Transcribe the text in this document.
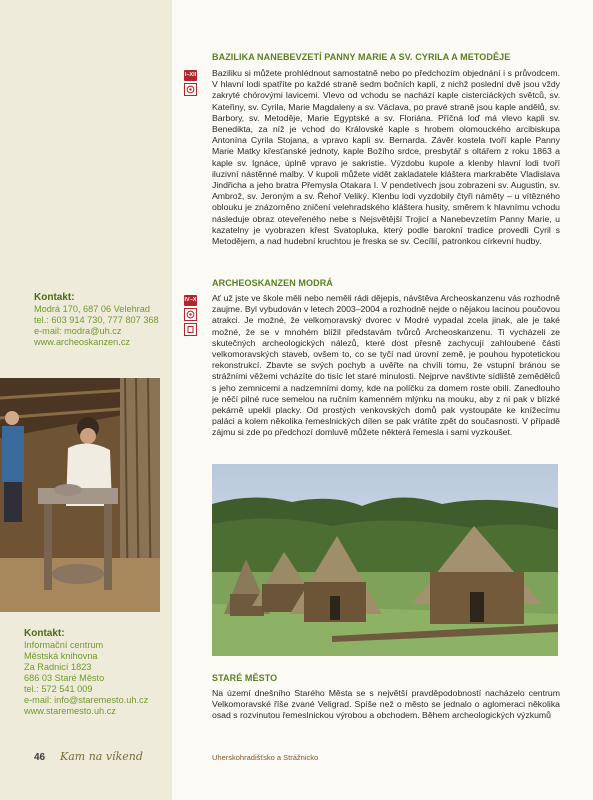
BAZILIKA NANEBEVZETÍ PANNY MARIE A SV. CYRILA A METODĚJE
I–XII Baziliku si můžete prohlédnout samostatně nebo po předchozím objednání i s průvodcem. V hlavní lodi spatříte po každé straně sedm bočních kaplí, z nichž poslední dvě jsou vždy zakryté chórovými lavicemi. Vlevo od vchodu se nachází kaple cisterciáckých světců, sv. Kateřiny, sv. Cyrila, Marie Magdaleny a sv. Václava, po pravé straně jsou kaple andělů, sv. Barbory, sv. Metoděje, Marie Egyptské a sv. Floriána. Příčná loď má vlevo kapli sv. Benedikta, za níž je vchod do Královské kaple s hrobem olomouckého arcibiskupa Antonína Cyrila Stojana, a vpravo kapli sv. Bernarda. Závěr kostela tvoří kaple Panny Marie Matky křesťanské jednoty, kaple Božího srdce, presbytář s oltářem z roku 1863 a kaple sv. Ignáce, úplně vpravo je sakristie. Výzdobu kupole a klenby hlavní lodi tvoří iluzivní nástěnné malby. V kupoli můžete vidět zakladatele kláštera markraběte Vladislava Jindřicha a jeho bratra Přemysla Otakara I. V pendetivech jsou zobrazeni sv. Augustin, sv. Ambrož, sv. Jeroným a sv. Řehoř Veliký. Klenbu lodi vyzdobily čtyři náměty – u vítězného oblouku je znázorněno zničení velehradského kláštera husity, směrem k hlavnímu vchodu následuje obraz oteveřeného nebe s Nejsvětější Trojicí a Nanebevzetím Panny Marie, u kazatelny je vyobrazen křest Svatopluka, který podle barokní tradice provedli Cyril s Metodějem, a nad hudební kruchtou je freska se sv. Cecílií, patronkou církevní hudby.
ARCHEOSKANZEN MODRÁ
IV–X Ať už jste ve škole měli nebo neměli rádi dějepis, návštěva Archeoskanzenu vás rozhodně zaujme. Byl vybudován v letech 2003–2004 a rozhodně nejde o nějakou lacinou poučovou atrakci. Je možné, že velkomoravský dvorec v Modré vypadal zcela jinak, ale je také možné, že se v mnohém blížil představám tvůrců Archeoskanzenu. Ti vycházeli ze skutečných archeologických nálezů, které dost přesně zachycují zahloubené části velkomoravských staveb, ovšem to, co se tyčí nad úrovní země, je pouhou hypotetickou rekonstrukcí. Zbavte se svých pochyb a uvěřte na chvíli tomu, že vstupní bránou se strážními věžemi vcházíte do tisíc let staré minulosti. Nejprve navštivte sídliště zemědělců s jeho zemnicemi a nadzemními domy, kde na políčku za domem roste obilí. Zanedlouho je něčí pilné ruce semelou na ručním kamenném mlýnku na mouku, aby z ní pak v blízké pekárně upekli placky. Od prostých venkovských domů pak vystoupáte ke knížecímu paláci a kolem několika řemeslnických dílen se pak vrátíte zpět do současnosti. V případě zájmu si zde po předchozí domluvě můžete některá řemesla i sami vyzkoušet.
STARÉ MĚSTO
Na území dnešního Starého Města se s největší pravděpodobností nacházelo centrum Velkomoravské říše zvané Veligrad. Spíše než o město se jednalo o aglomeraci několika osad s rozvinutou řemeslnickou výrobou a obchodem. Během archeologických výzkumů
Kontakt:
Modrá 170, 687 06 Velehrad
tel.: 603 914 730, 777 807 368
e-mail: modra@uh.cz
www.archeoskanzen.cz
Kontakt:
Informační centrum
Městská knihovna
Za Radnicí 1823
686 03 Staré Město
tel.: 572 541 009
e-mail: info@staremesto.uh.cz
www.staremesto.uh.cz
46 Kam na víkend	Uherskohradišťsko a Strážnicko
